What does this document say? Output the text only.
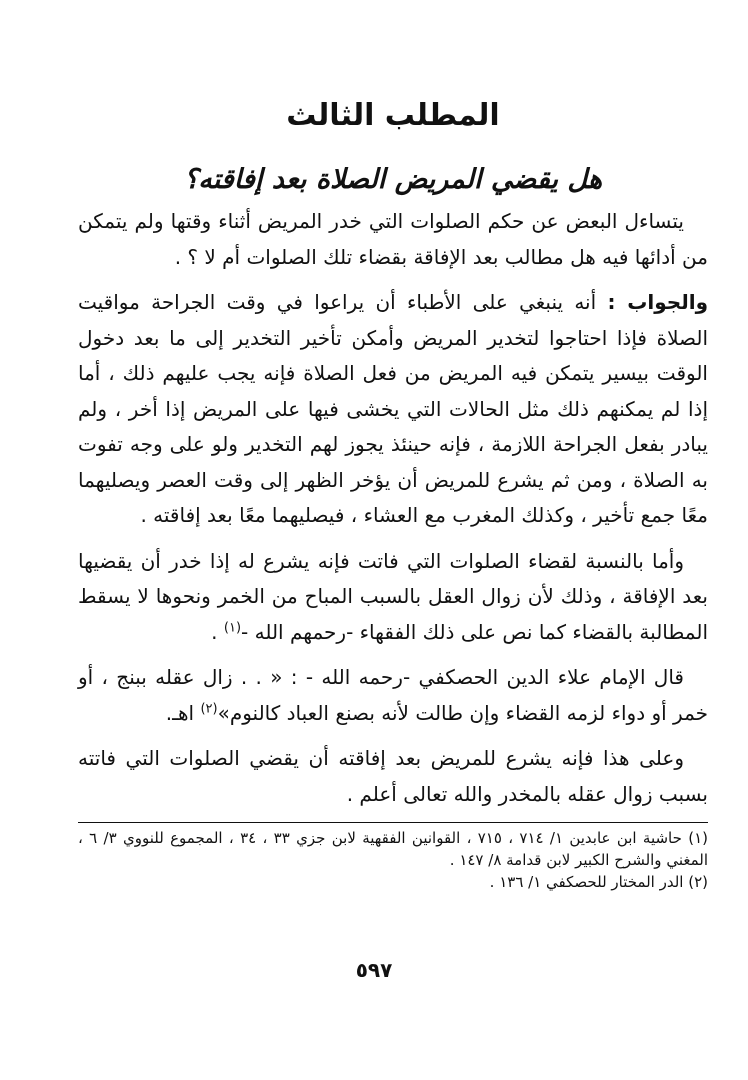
المطلب الثالث
هل يقضي المريض الصلاة بعد إفاقته؟

يتساءل البعض عن حكم الصلوات التي خدر المريض أثناء وقتها ولم يتمكن من أدائها فيه هل مطالب بعد الإفاقة بقضاء تلك الصلوات أم لا ؟ .

والجواب : أنه ينبغي على الأطباء أن يراعوا في وقت الجراحة مواقيت الصلاة فإذا احتاجوا لتخدير المريض وأمكن تأخير التخدير إلى ما بعد دخول الوقت بيسير يتمكن فيه المريض من فعل الصلاة فإنه يجب عليهم ذلك ، أما إذا لم يمكنهم ذلك مثل الحالات التي يخشى فيها على المريض إذا أخر ، ولم يبادر بفعل الجراحة اللازمة ، فإنه حينئذ يجوز لهم التخدير ولو على وجه تفوت به الصلاة ، ومن ثم يشرع للمريض أن يؤخر الظهر إلى وقت العصر ويصليهما معًا جمع تأخير ، وكذلك المغرب مع العشاء ، فيصليهما معًا بعد إفاقته .

وأما بالنسبة لقضاء الصلوات التي فاتت فإنه يشرع له إذا خدر أن يقضيها بعد الإفاقة ، وذلك لأن زوال العقل بالسبب المباح من الخمر ونحوها لا يسقط المطالبة بالقضاء كما نص على ذلك الفقهاء -رحمهم الله -$^{(١)}$ .

قال الإمام علاء الدين الحصكفي -رحمه الله - : « . . زال عقله ببنج ، أو خمر أو دواء لزمه القضاء وإن طالت لأنه بصنع العباد كالنوم»$^{(٢)}$ اهـ.

وعلى هذا فإنه يشرع للمريض بعد إفاقته أن يقضي الصلوات التي فاتته بسبب زوال عقله بالمخدر والله تعالى أعلم .

(١) حاشية ابن عابدين ١/ ٧١٤ ، ٧١٥ ، القوانين الفقهية لابن جزي ٣٣ ، ٣٤ ، المجموع للنووي ٣/ ٦ ، المغني والشرح الكبير لابن قدامة ٨/ ١٤٧ .

(٢) الدر المختار للحصكفي ١/ ١٣٦ .

٥٩٧
